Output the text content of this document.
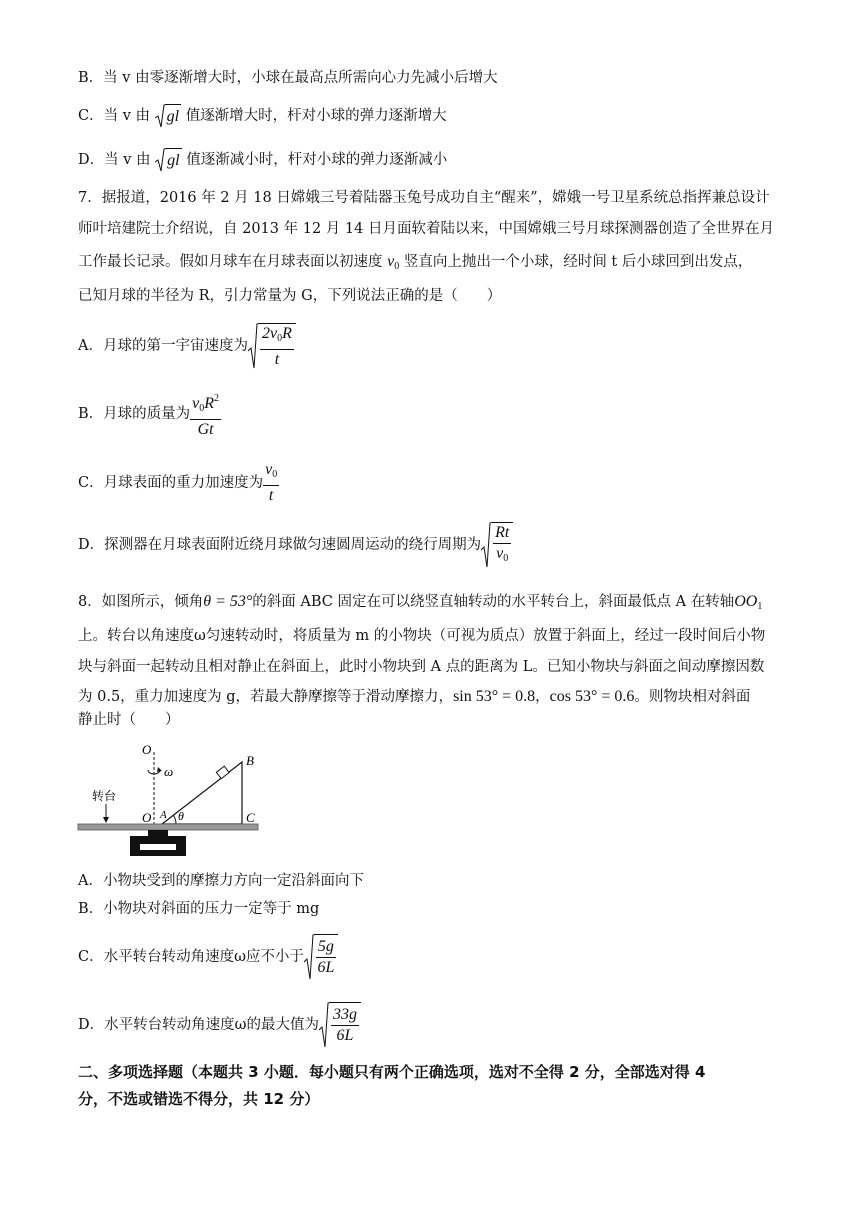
B．当 v 由零逐渐增大时，小球在最高点所需向心力先减小后增大
C．当 v 由 gl 值逐渐增大时，杆对小球的弹力逐渐增大
D．当 v 由 gl 值逐渐减小时，杆对小球的弹力逐渐减小
7．据报道，2016 年 2 月 18 日嫦娥三号着陆器玉兔号成功自主“醒来”，嫦娥一号卫星系统总指挥兼总设计
师叶培建院士介绍说，自 2013 年 12 月 14 日月面软着陆以来，中国嫦娥三号月球探测器创造了全世界在月
工作最长记录。假如月球车在月球表面以初速度 $v_0$ 竖直向上抛出一个小球，经时间 t 后小球回到出发点，
已知月球的半径为 R，引力常量为 G，下列说法正确的是（　　）
A．月球的第一宇宙速度为 $\frac{2v_0R}{t}$
B．月球的质量为 $\frac{v_0R^2}{Gt}$
C．月球表面的重力加速度为 $\frac{v_0}{t}$
D．探测器在月球表面附近绕月球做匀速圆周运动的绕行周期为 $\frac{Rt}{v_0}$
8．如图所示，倾角θ = 53°的斜面 ABC 固定在可以绕竖直轴转动的水平转台上，斜面最低点 A 在转轴$OO_1$
上。转台以角速度ω匀速转动时，将质量为 m 的小物块（可视为质点）放置于斜面上，经过一段时间后小物
块与斜面一起转动且相对静止在斜面上，此时小物块到 A 点的距离为 L。已知小物块与斜面之间动摩擦因数
为 0.5，重力加速度为 g，若最大静摩擦等于滑动摩擦力，sin 53° = 0.8，cos 53° = 0.6。则物块相对斜面
静止时（　　）
O
ω
B
C
O A θ
转台
A．小物块受到的摩擦力方向一定沿斜面向下
B．小物块对斜面的压力一定等于 mg
C．水平转台转动角速度ω应不小于 $\frac{5g}{6L}$
D．水平转台转动角速度ω的最大值为 $\frac{33g}{6L}$
二、多项选择题（本题共 3 小题．每小题只有两个正确选项，选对不全得 2 分，全部选对得 4
分，不选或错选不得分，共 12 分）
